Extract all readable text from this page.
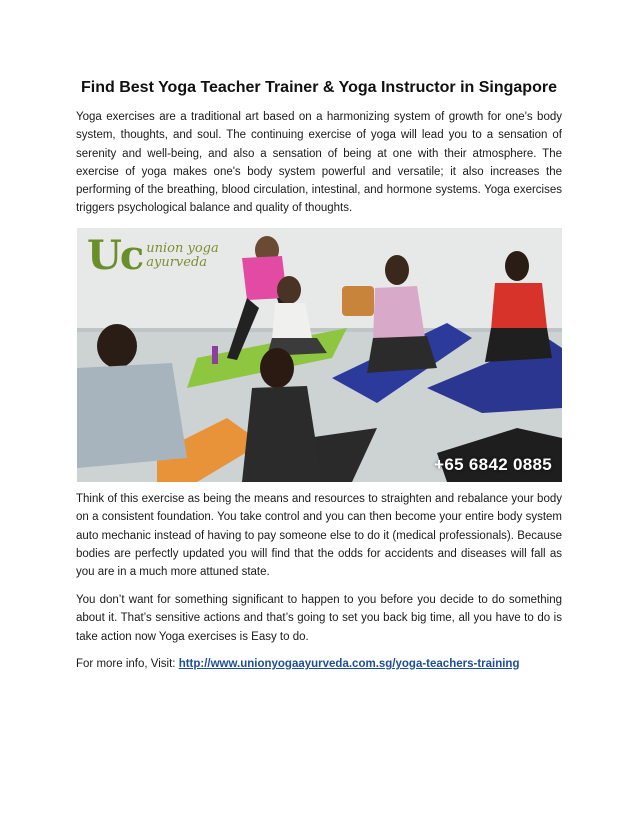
Find Best Yoga Teacher Trainer & Yoga Instructor in Singapore

Yoga exercises are a traditional art based on a harmonizing system of growth for one's body system, thoughts, and soul. The continuing exercise of yoga will lead you to a sensation of serenity and well-being, and also a sensation of being at one with their atmosphere. The exercise of yoga makes one's body system powerful and versatile; it also increases the performing of the breathing, blood circulation, intestinal, and hormone systems. Yoga exercises triggers psychological balance and quality of thoughts.

Uc union yoga
ayurveda
+65 6842 0885

Think of this exercise as being the means and resources to straighten and rebalance your body on a consistent foundation. You take control and you can then become your entire body system auto mechanic instead of having to pay someone else to do it (medical professionals). Because bodies are perfectly updated you will find that the odds for accidents and diseases will fall as you are in a much more attuned state.

You don’t want for something significant to happen to you before you decide to do something about it. That’s sensitive actions and that’s going to set you back big time, all you have to do is take action now Yoga exercises is Easy to do.

For more info, Visit: http://www.unionyogaayurveda.com.sg/yoga-teachers-training
